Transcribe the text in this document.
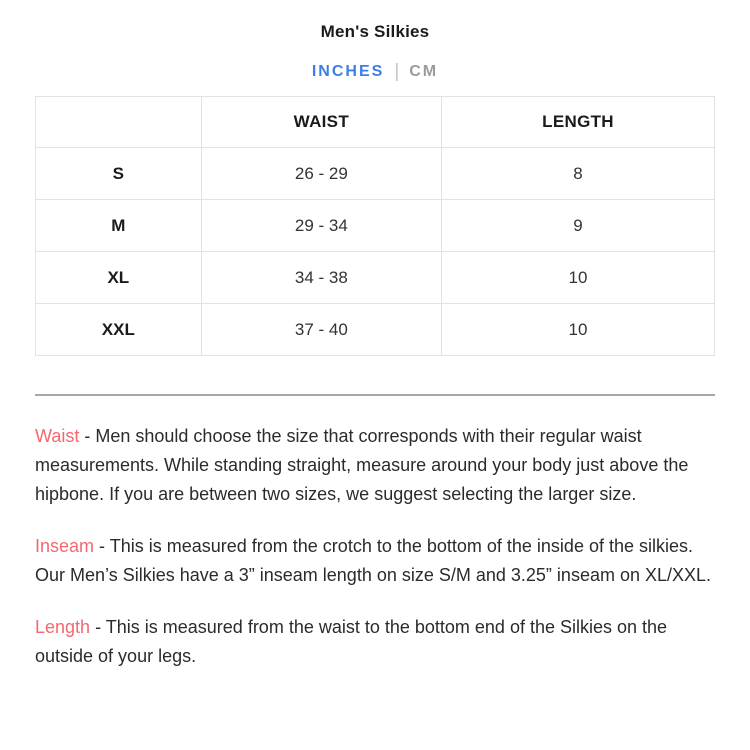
Men's Silkies
INCHES | CM
	WAIST	LENGTH
S	26 - 29	8
M	29 - 34	9
XL	34 - 38	10
XXL	37 - 40	10

Waist - Men should choose the size that corresponds with their regular waist measurements. While standing straight, measure around your body just above the hipbone. If you are between two sizes, we suggest selecting the larger size.

Inseam - This is measured from the crotch to the bottom of the inside of the silkies. Our Men’s Silkies have a 3” inseam length on size S/M and 3.25” inseam on XL/XXL.

Length - This is measured from the waist to the bottom end of the Silkies on the outside of your legs.
